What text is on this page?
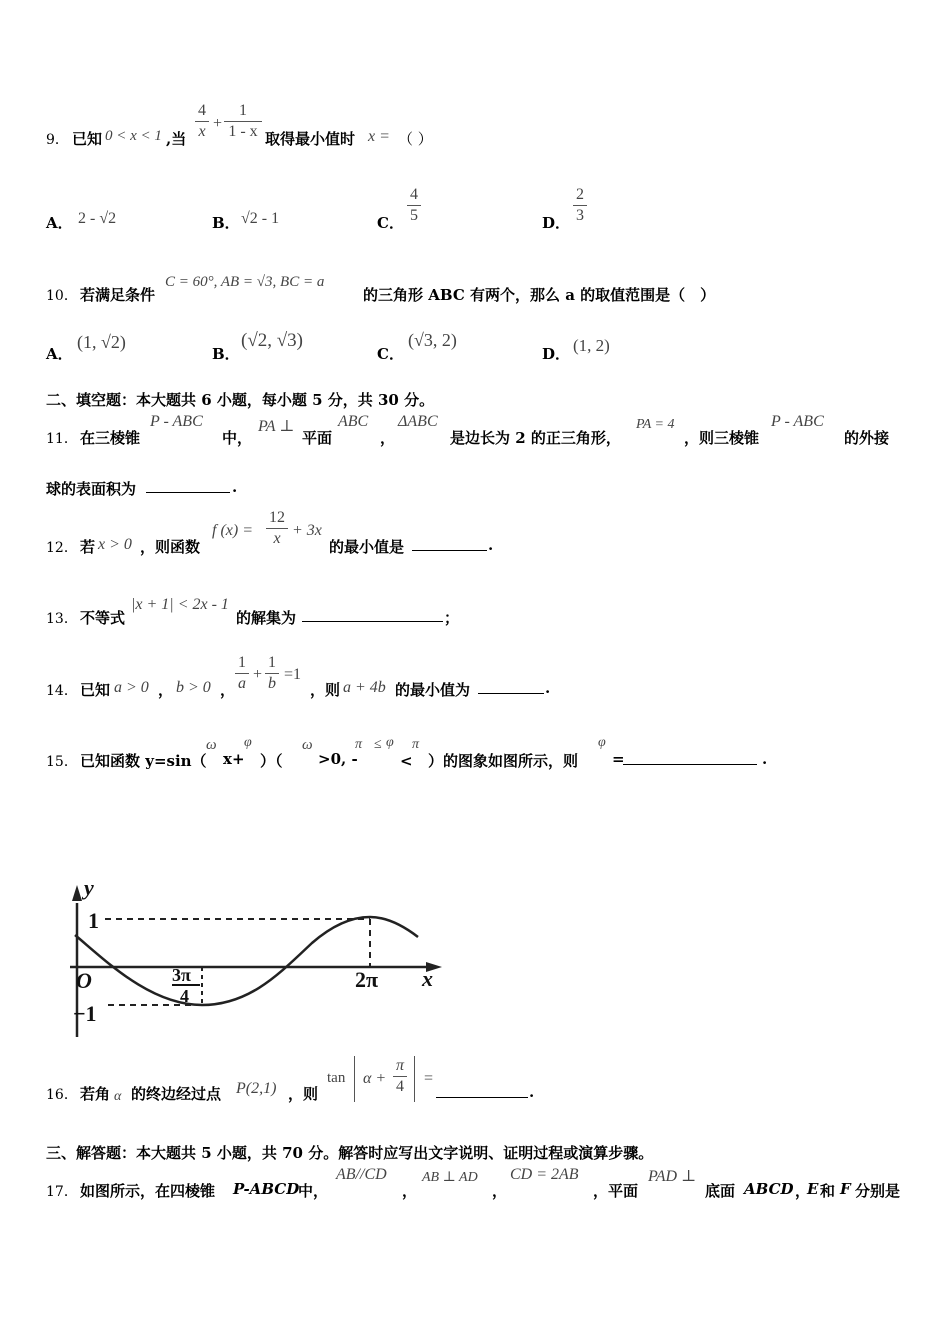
9． 已知 0 < x < 1 ,当
4
x +
1
1 - x 取得最小值时 x = （ ）
A． 2 - √2	B． √2 - 1	C．
4
5	D．
2
3
10． 若满足条件
C = 60°, AB = √3, BC = a
的三角形 ABC 有两个，那么 a 的取值范围是（　）
A．
(1, √2)
B．
(√2, √3)
C．
(√3, 2)
D． (1, 2)
二、填空题：本大题共 6 小题，每小题 5 分，共 30 分。
11． 在三棱锥
P - ABC
中，
PA ⊥
平面
ABC
，
ΔABC
是边长为 2 的正三角形，
PA = 4
，则三棱锥
P - ABC
的外接
球的表面积为	.
12． 若 x > 0 ，则函数
f (x) =
12
x + 3x
的最小值是	.
13． 不等式
|x + 1| < 2x - 1
的解集为	；
14． 已知 a > 0 ， b > 0 ，
1
a
+
1
b
=1
，则 a + 4b 的最小值为	.
15． 已知函数 y=sin（
ω
x+
φ
）（
ω
>0, -
π ≤ φ π
< ）的图象如图所示，则
φ
=	.
y
x
O
1
−1
3π
4
2π
16． 若角 α 的终边经过点 P(2,1) ，则
tan α +
π
4 =
.
三、解答题：本大题共 5 小题，共 70 分。解答时应写出文字说明、证明过程或演算步骤。
17． 如图所示，在四棱锥 P-ABCD
中，
AB//CD
，
AB ⊥ AD
，
CD = 2AB
，平面
PAD ⊥
底面 ABCD ，
E 和 F 分别是
